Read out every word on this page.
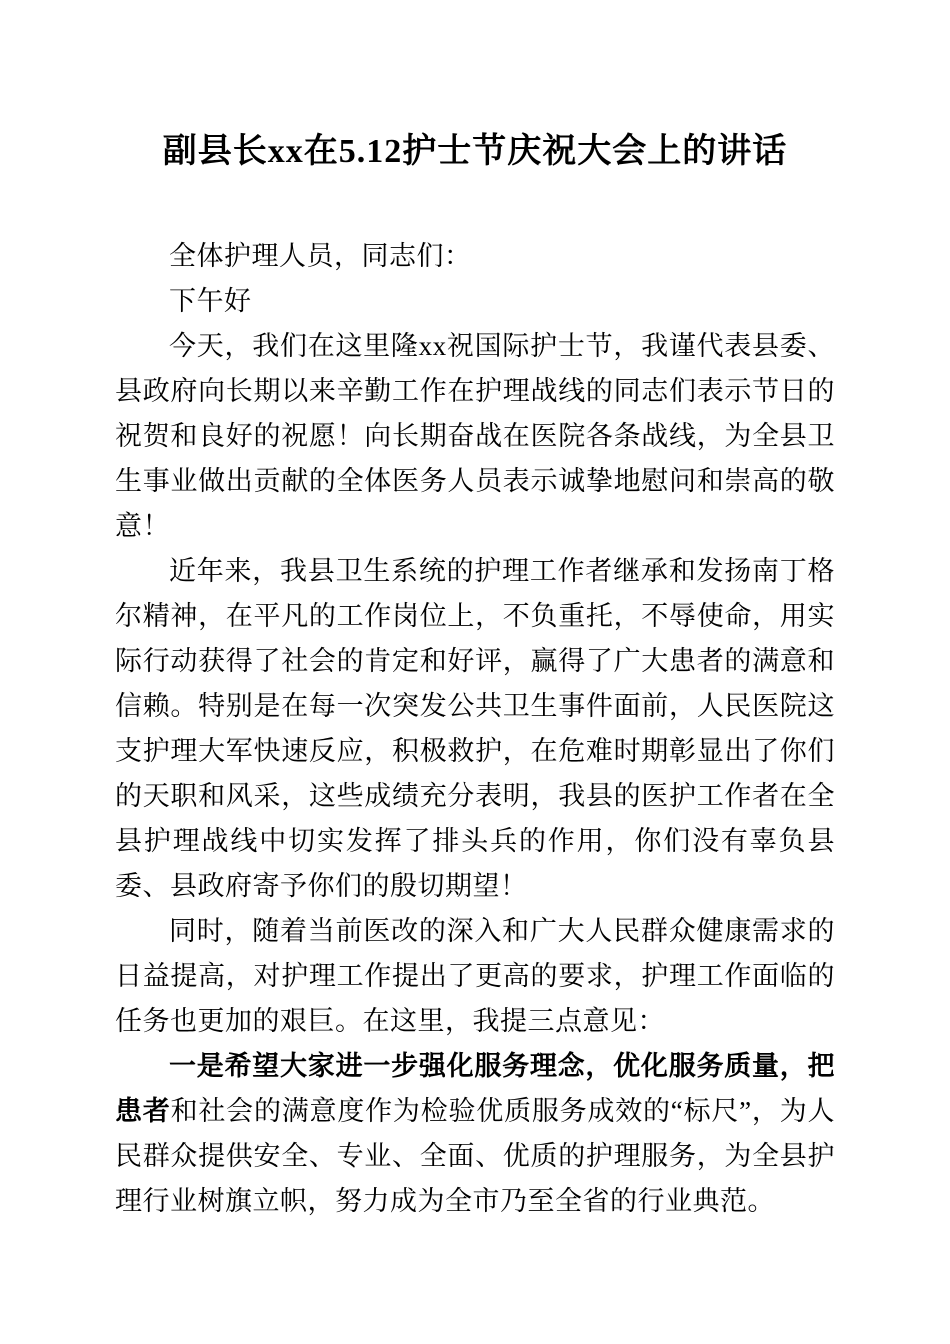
副县长xx在5.12护士节庆祝大会上的讲话

全体护理人员，同志们：

下午好

今天，我们在这里隆xx祝国际护士节，我谨代表县委、县政府向长期以来辛勤工作在护理战线的同志们表示节日的祝贺和良好的祝愿！向长期奋战在医院各条战线，为全县卫生事业做出贡献的全体医务人员表示诚挚地慰问和崇高的敬意！

近年来，我县卫生系统的护理工作者继承和发扬南丁格尔精神，在平凡的工作岗位上，不负重托，不辱使命，用实际行动获得了社会的肯定和好评，赢得了广大患者的满意和信赖。特别是在每一次突发公共卫生事件面前，人民医院这支护理大军快速反应，积极救护，在危难时期彰显出了你们的天职和风采，这些成绩充分表明，我县的医护工作者在全县护理战线中切实发挥了排头兵的作用，你们没有辜负县委、县政府寄予你们的殷切期望！

同时，随着当前医改的深入和广大人民群众健康需求的日益提高，对护理工作提出了更高的要求，护理工作面临的任务也更加的艰巨。在这里，我提三点意见：

一是希望大家进一步强化服务理念，优化服务质量，把患者和社会的满意度作为检验优质服务成效的“标尺”，为人民群众提供安全、专业、全面、优质的护理服务，为全县护理行业树旗立帜，努力成为全市乃至全省的行业典范。
